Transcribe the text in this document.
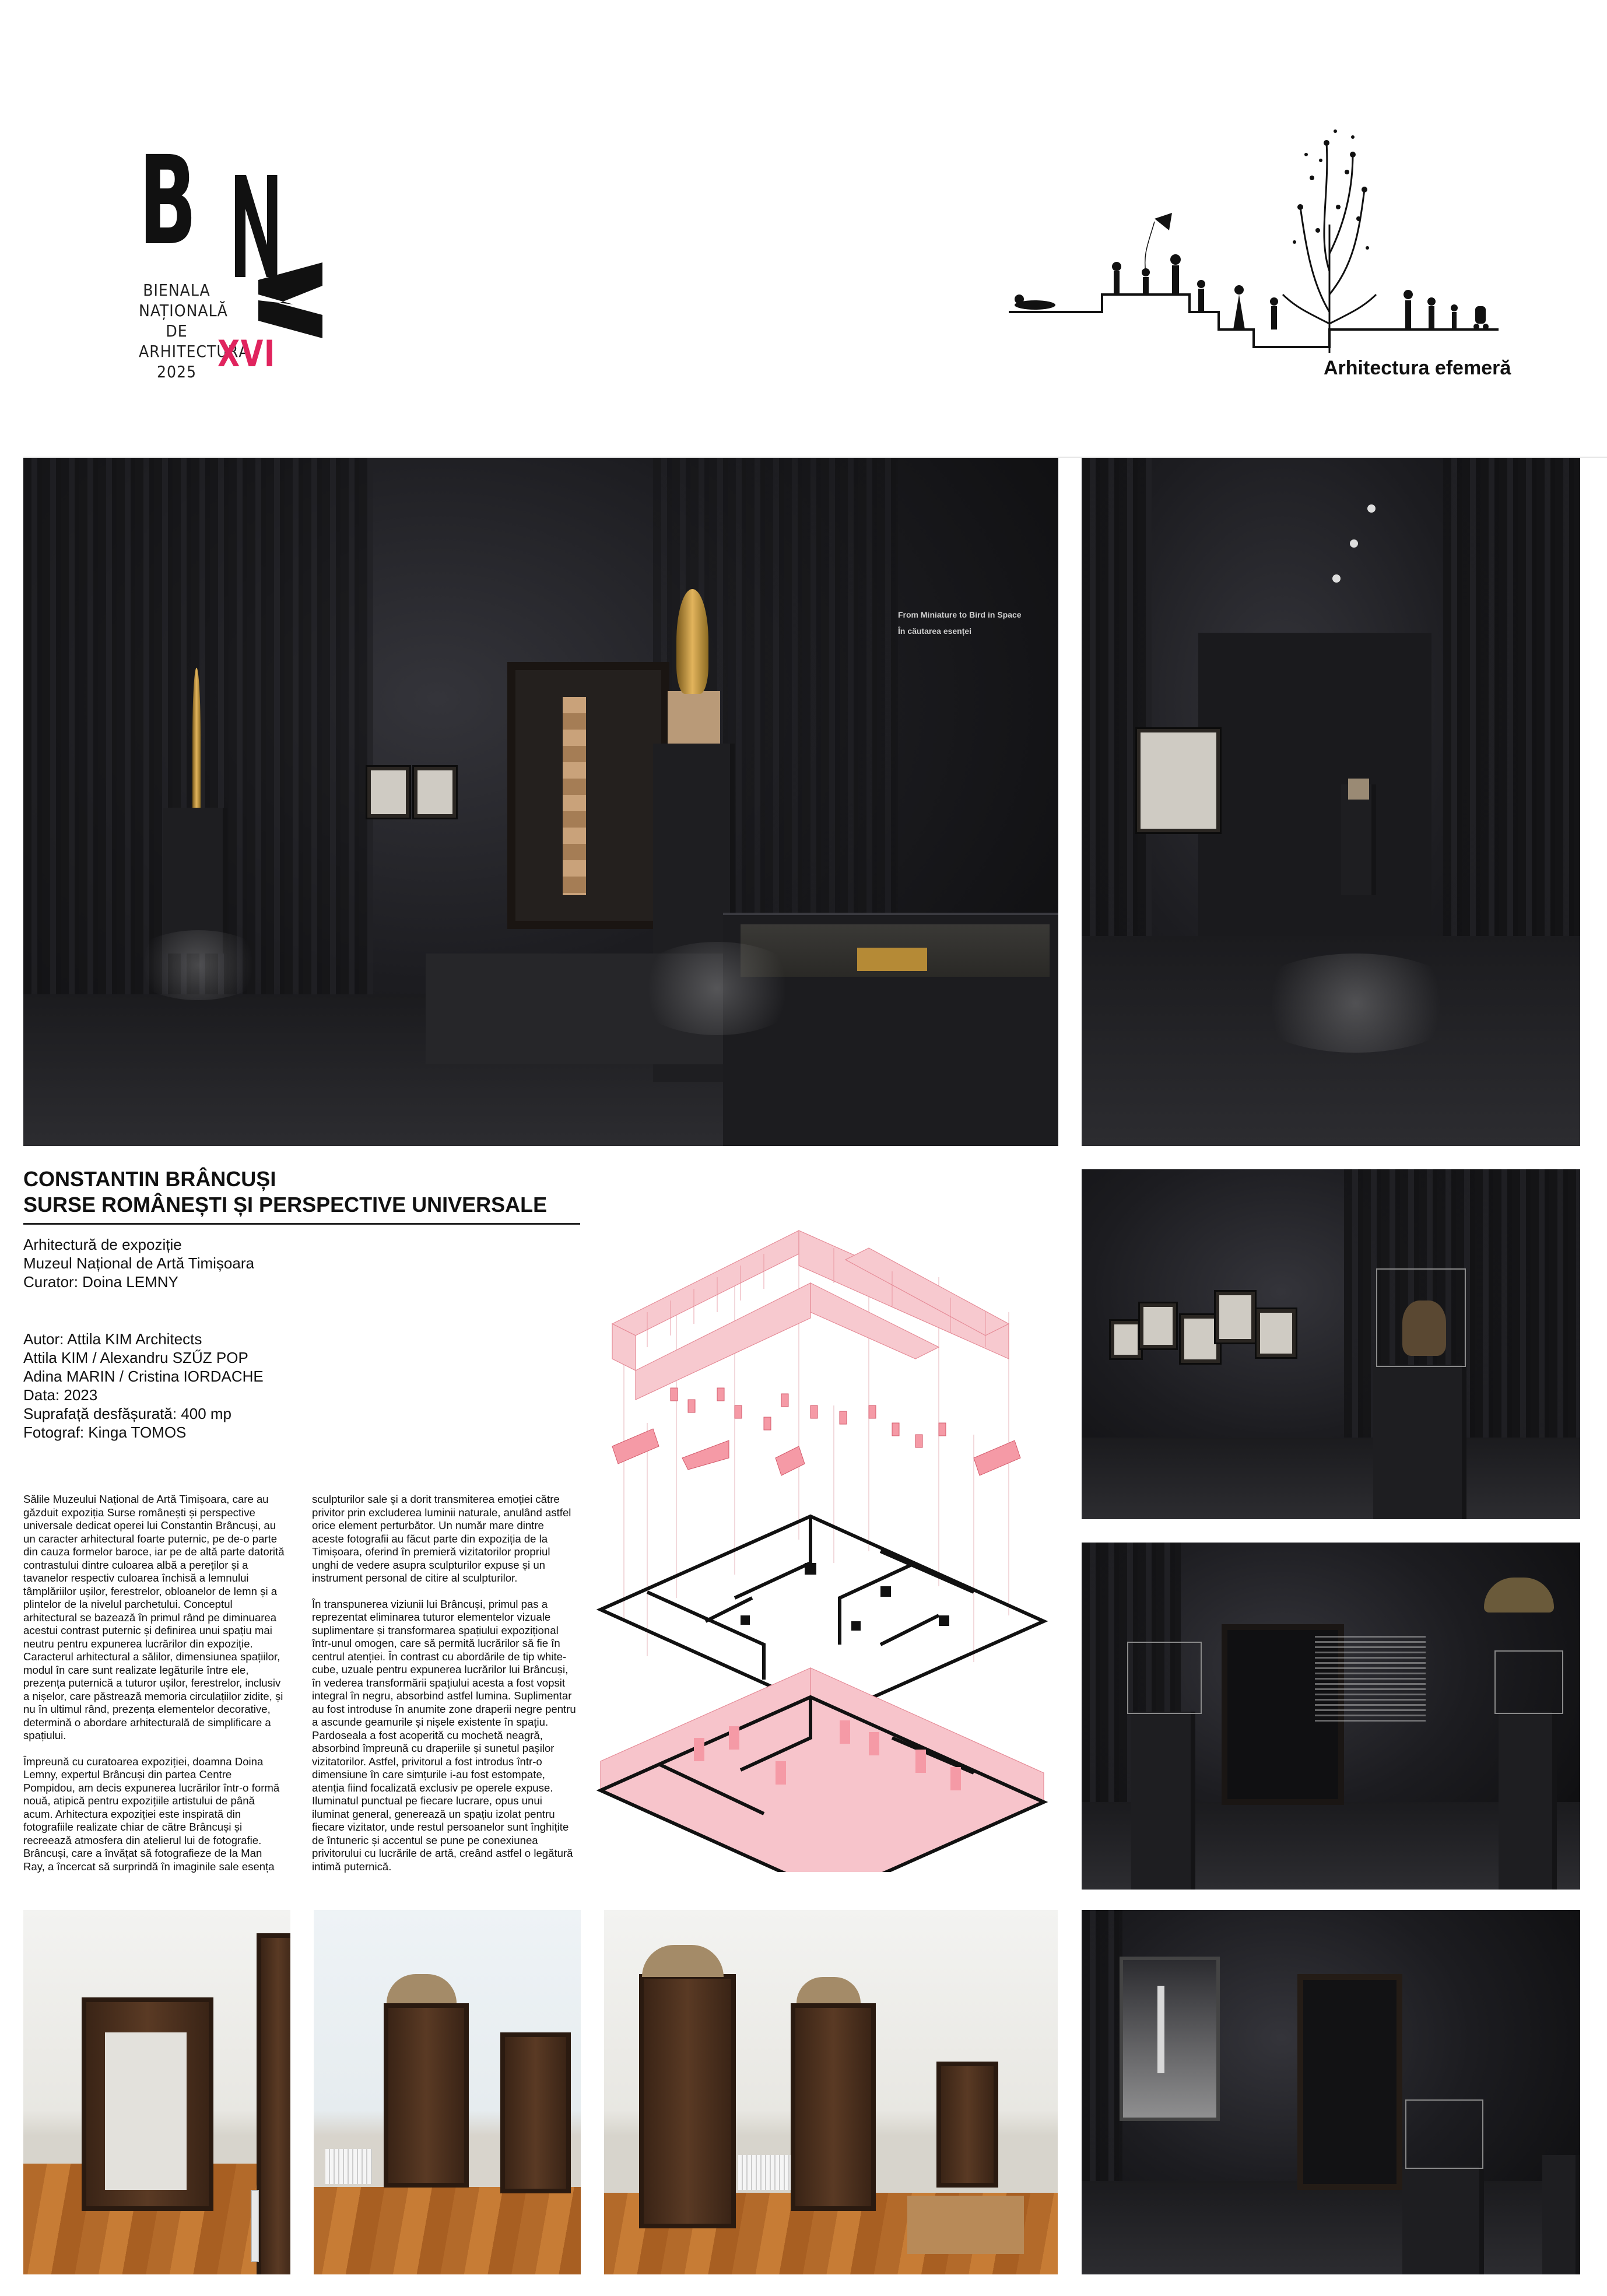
B
BIENALA
NAȚIONALĂ
DE
ARHITECTURĂ
2025 XVI	Arhitectura efemeră
From Miniature to Bird in Space
În căutarea esenței
CONSTANTIN BRÂNCUȘI
SURSE ROMÂNEȘTI ȘI PERSPECTIVE UNIVERSALE
Arhitectură de expoziție
Muzeul Național de Artă Timișoara
Curator: Doina LEMNY
Autor: Attila KIM Architects
Attila KIM / Alexandru SZŰZ POP
Adina MARIN / Cristina IORDACHE
Data: 2023
Suprafață desfășurată: 400 mp
Fotograf: Kinga TOMOS

Sălile Muzeului Național de Artă Timișoara, care au găzduit expoziția Surse românești și perspective universale dedicat operei lui Constantin Brâncuși, au un caracter arhitectural foarte puternic, pe de-o parte din cauza formelor baroce, iar pe de altă parte datorită contrastului dintre culoarea albă a pereților și a tavanelor respectiv culoarea închisă a lemnului tâmplăriilor ușilor, ferestrelor, obloanelor de lemn și a plintelor de la nivelul parchetului. Conceptul arhitectural se bazează în primul rând pe diminuarea acestui contrast puternic și definirea unui spațiu mai neutru pentru expunerea lucrărilor din expoziție. Caracterul arhitectural a sălilor, dimensiunea spațiilor, modul în care sunt realizate legăturile între ele, prezența puternică a tuturor ușilor, ferestrelor, inclusiv a nișelor, care păstrează memoria circulațiilor zidite, și nu în ultimul rând, prezența elementelor decorative, determină o abordare arhitecturală de simplificare a spațiului.

Împreună cu curatoarea expoziției, doamna Doina Lemny, expertul Brâncuși din partea Centre Pompidou, am decis expunerea lucrărilor într-o formă nouă, atipică pentru expozițiile artistului de până acum. Arhitectura expoziției este inspirată din fotografiile realizate chiar de către Brâncuși și recreează atmosfera din atelierul lui de fotografie. Brâncuși, care a învățat să fotografieze de la Man Ray, a încercat să surprindă în imaginile sale esența

sculpturilor sale și a dorit transmiterea emoției către privitor prin excluderea luminii naturale, anulând astfel orice element perturbător. Un număr mare dintre aceste fotografii au făcut parte din expoziția de la Timișoara, oferind în premieră vizitatorilor propriul unghi de vedere asupra sculpturilor expuse și un instrument personal de citire al sculpturilor.

În transpunerea viziunii lui Brâncuși, primul pas a reprezentat eliminarea tuturor elementelor vizuale suplimentare și transformarea spațiului expozițional într-unul omogen, care să permită lucrărilor să fie în centrul atenției. În contrast cu abordările de tip white-cube, uzuale pentru expunerea lucrărilor lui Brâncuși, în vederea transformării spațiului acesta a fost vopsit integral în negru, absorbind astfel lumina. Suplimentar au fost introduse în anumite zone draperii negre pentru a ascunde geamurile și nișele existente în spațiu. Pardoseala a fost acoperită cu mochetă neagră, absorbind împreună cu draperiile și sunetul pașilor vizitatorilor. Astfel, privitorul a fost introdus într-o dimensiune în care simțurile i-au fost estompate, atenția fiind focalizată exclusiv pe operele expuse. Iluminatul punctual pe fiecare lucrare, opus unui iluminat general, generează un spațiu izolat pentru fiecare vizitator, unde restul persoanelor sunt înghițite de întuneric și accentul se pune pe conexiunea privitorului cu lucrările de artă, creând astfel o legătură intimă puternică.
